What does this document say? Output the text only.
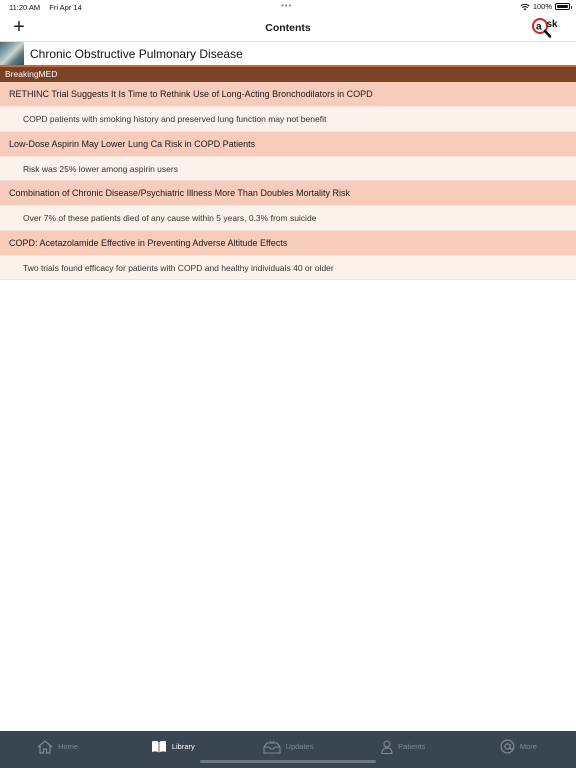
11:20 AM Fri Apr 14	•••	100%
+	Contents	a sk
Chronic Obstructive Pulmonary Disease
BreakingMED
RETHINC Trial Suggests It Is Time to Rethink Use of Long-Acting Bronchodilators in COPD
COPD patients with smoking history and preserved lung function may not benefit
Low-Dose Aspirin May Lower Lung Ca Risk in COPD Patients
Risk was 25% lower among aspirin users
Combination of Chronic Disease/Psychiatric Illness More Than Doubles Mortality Risk
Over 7% of these patients died of any cause within 5 years, 0.3% from suicide
COPD: Acetazolamide Effective in Preventing Adverse Altitude Effects
Two trials found efficacy for patients with COPD and healthy individuals 40 or older
Home	Library	Updates	Patients	More
